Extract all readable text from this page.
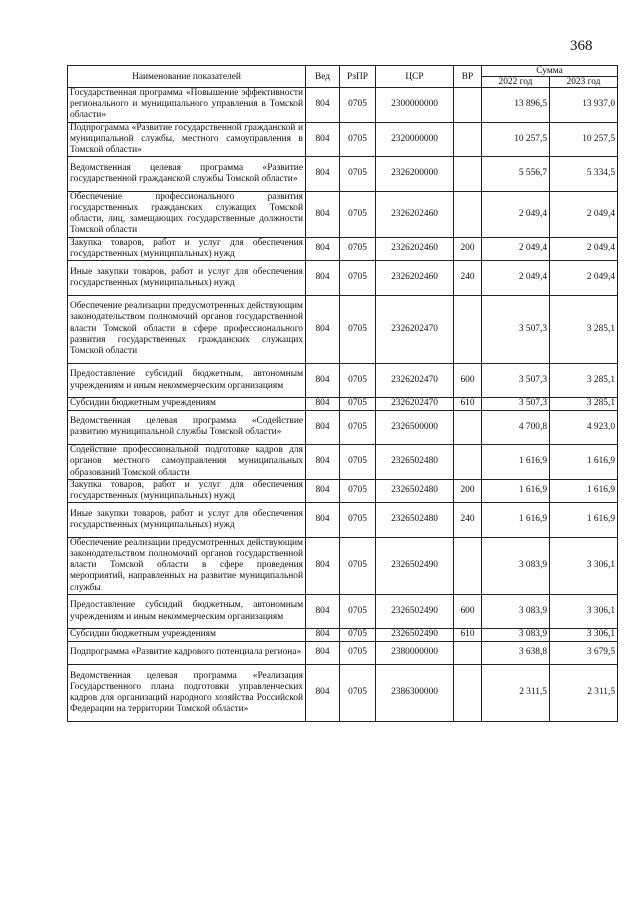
368
Наименование показателей	Вед	РзПР	ЦСР	ВР	Сумма	
					2022 год	2023 год
Государственная программа «Повышение эффективности регионального и муниципального управления в Томской области»	804	0705	2300000000		13 896,5	13 937,0
Подпрограмма «Развитие государственной гражданской и муниципальной службы, местного самоуправления в Томской области»	804	0705	2320000000		10 257,5	10 257,5
Ведомственная целевая программа «Развитие государственной гражданской службы Томской области»	804	0705	2326200000		5 556,7	5 334,5
Обеспечение профессионального развития государственных гражданских служащих Томской области, лиц, замещающих государственные должности Томской области	804	0705	2326202460		2 049,4	2 049,4
Закупка товаров, работ и услуг для обеспечения государственных (муниципальных) нужд	804	0705	2326202460	200	2 049,4	2 049,4
Иные закупки товаров, работ и услуг для обеспечения государственных (муниципальных) нужд	804	0705	2326202460	240	2 049,4	2 049,4
Обеспечение реализации предусмотренных действующим законодательством полномочий органов государственной власти Томской области в сфере профессионального развития государственных гражданских служащих Томской области	804	0705	2326202470		3 507,3	3 285,1
Предоставление субсидий бюджетным, автономным учреждениям и иным некоммерческим организациям	804	0705	2326202470	600	3 507,3	3 285,1
Субсидии бюджетным учреждениям	804	0705	2326202470	610	3 507,3	3 285,1
Ведомственная целевая программа «Содействие развитию муниципальной службы Томской области»	804	0705	2326500000		4 700,8	4 923,0
Содействие профессиональной подготовке кадров для органов местного самоуправления муниципальных образований Томской области	804	0705	2326502480		1 616,9	1 616,9
Закупка товаров, работ и услуг для обеспечения государственных (муниципальных) нужд	804	0705	2326502480	200	1 616,9	1 616,9
Иные закупки товаров, работ и услуг для обеспечения государственных (муниципальных) нужд	804	0705	2326502480	240	1 616,9	1 616,9
Обеспечение реализации предусмотренных действующим законодательством полномочий органов государственной власти Томской области в сфере проведения мероприятий, направленных на развитие муниципальной службы	804	0705	2326502490		3 083,9	3 306,1
Предоставление субсидий бюджетным, автономным учреждениям и иным некоммерческим организациям	804	0705	2326502490	600	3 083,9	3 306,1
Субсидии бюджетным учреждениям	804	0705	2326502490	610	3 083,9	3 306,1
Подпрограмма «Развитие кадрового потенциала региона»	804	0705	2380000000		3 638,8	3 679,5
Ведомственная целевая программа «Реализация Государственного плана подготовки управленческих кадров для организаций народного хозяйства Российской Федерации на территории Томской области»	804	0705	2386300000		2 311,5	2 311,5
